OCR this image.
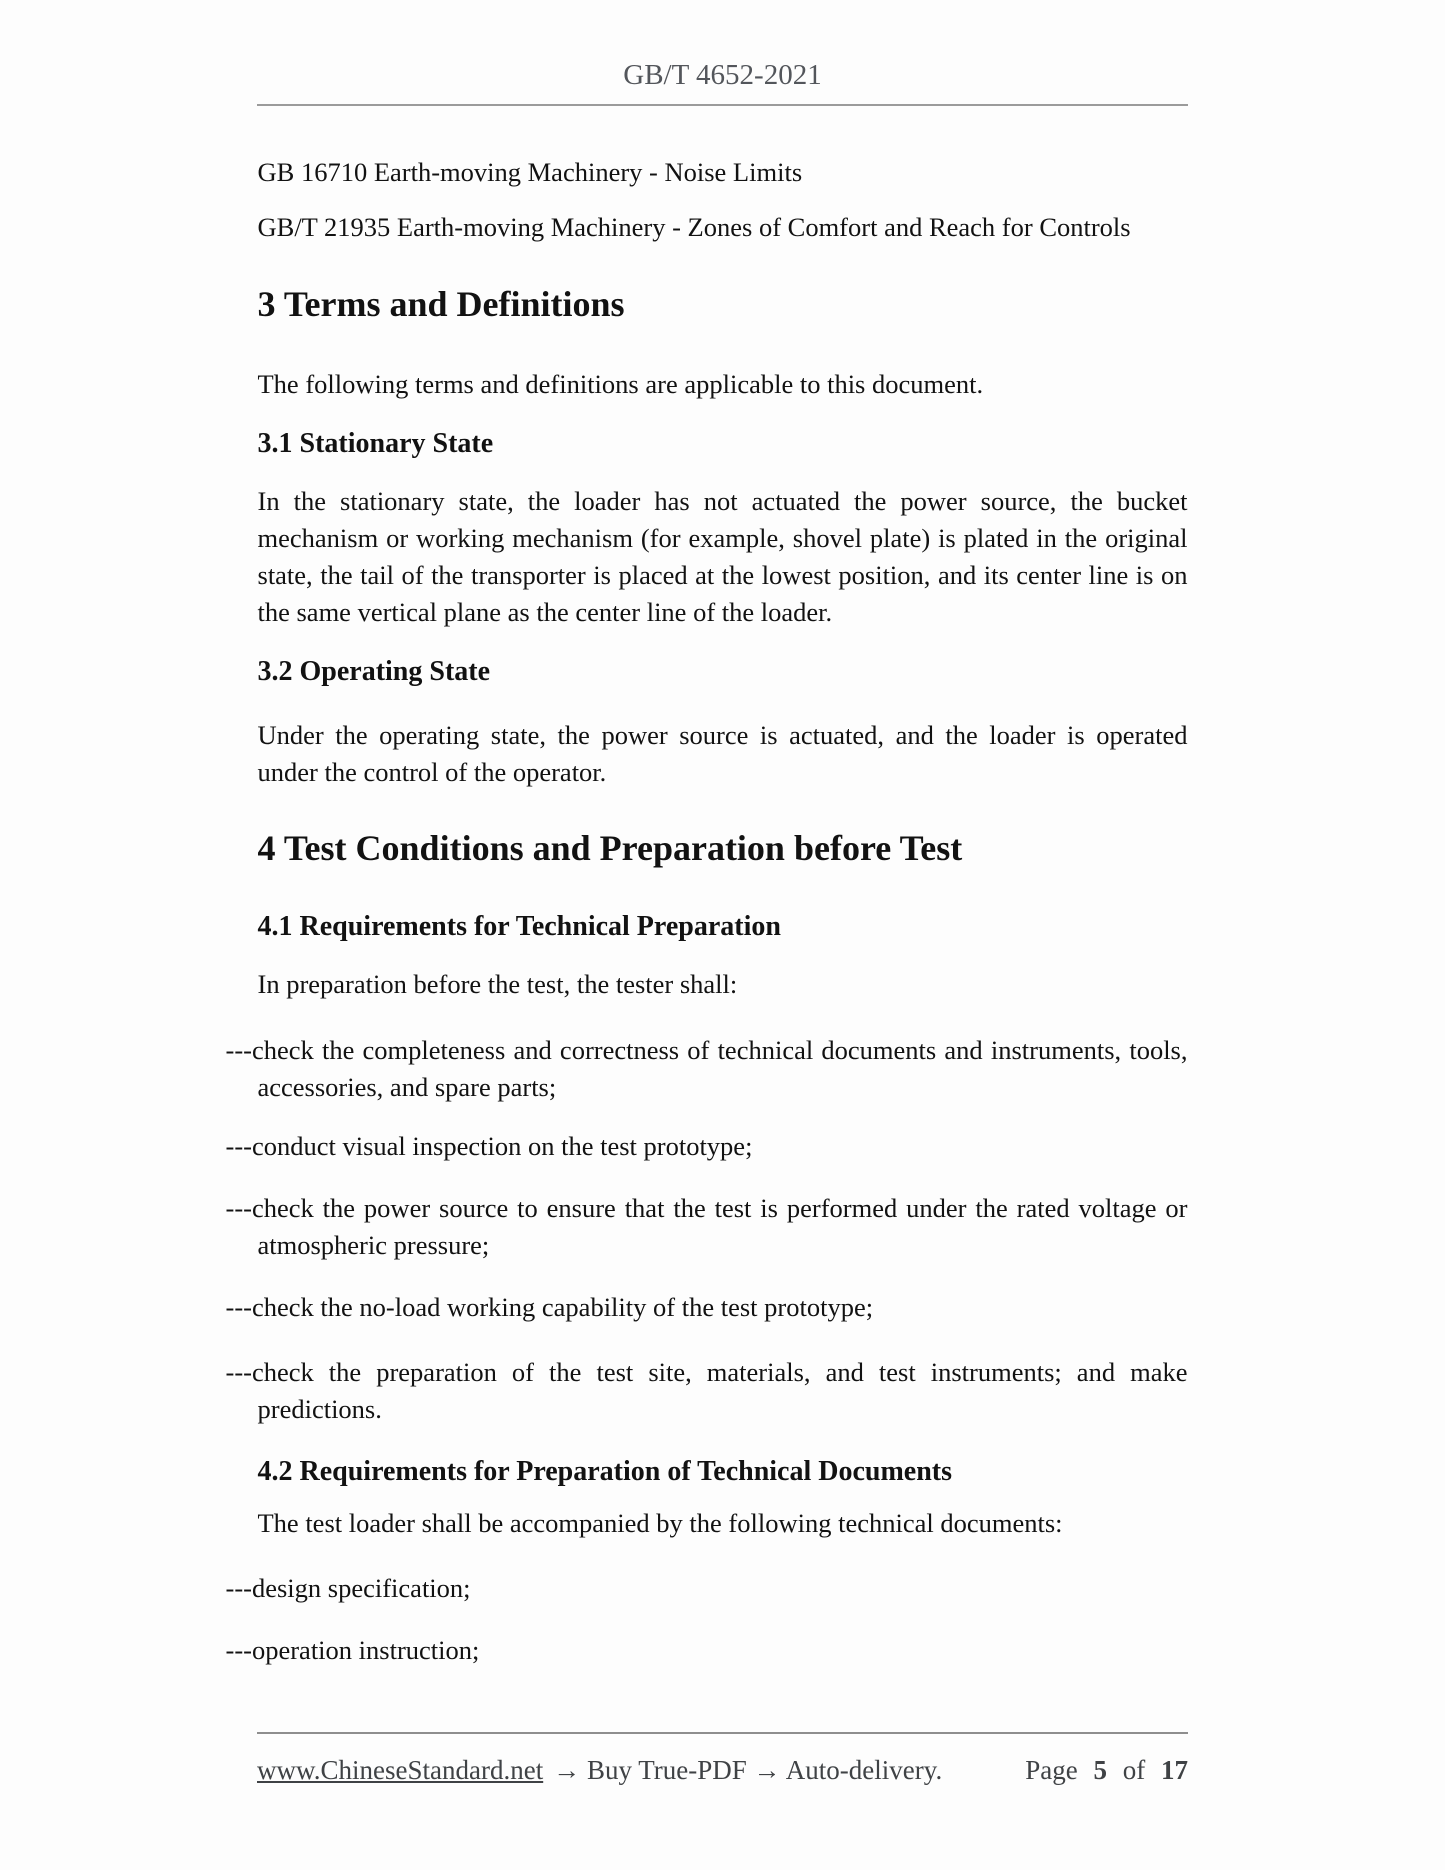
GB/T 4652-2021

GB 16710 Earth-moving Machinery - Noise Limits

GB/T 21935 Earth-moving Machinery - Zones of Comfort and Reach for Controls

3 Terms and Definitions

The following terms and definitions are applicable to this document.

3.1 Stationary State

In the stationary state, the loader has not actuated the power source, the bucket mechanism or working mechanism (for example, shovel plate) is plated in the original state, the tail of the transporter is placed at the lowest position, and its center line is on the same vertical plane as the center line of the loader.

3.2 Operating State

Under the operating state, the power source is actuated, and the loader is operated under the control of the operator.

4 Test Conditions and Preparation before Test
4.1 Requirements for Technical Preparation

In preparation before the test, the tester shall:

---check the completeness and correctness of technical documents and instruments, tools, accessories, and spare parts;
---conduct visual inspection on the test prototype;
---check the power source to ensure that the test is performed under the rated voltage or atmospheric pressure;
---check the no-load working capability of the test prototype;
---check the preparation of the test site, materials, and test instruments; and make predictions.
4.2 Requirements for Preparation of Technical Documents

The test loader shall be accompanied by the following technical documents:

---design specification;
---operation instruction;
www.ChineseStandard.net → Buy True-PDF → Auto-delivery.	Page 5 of 17
